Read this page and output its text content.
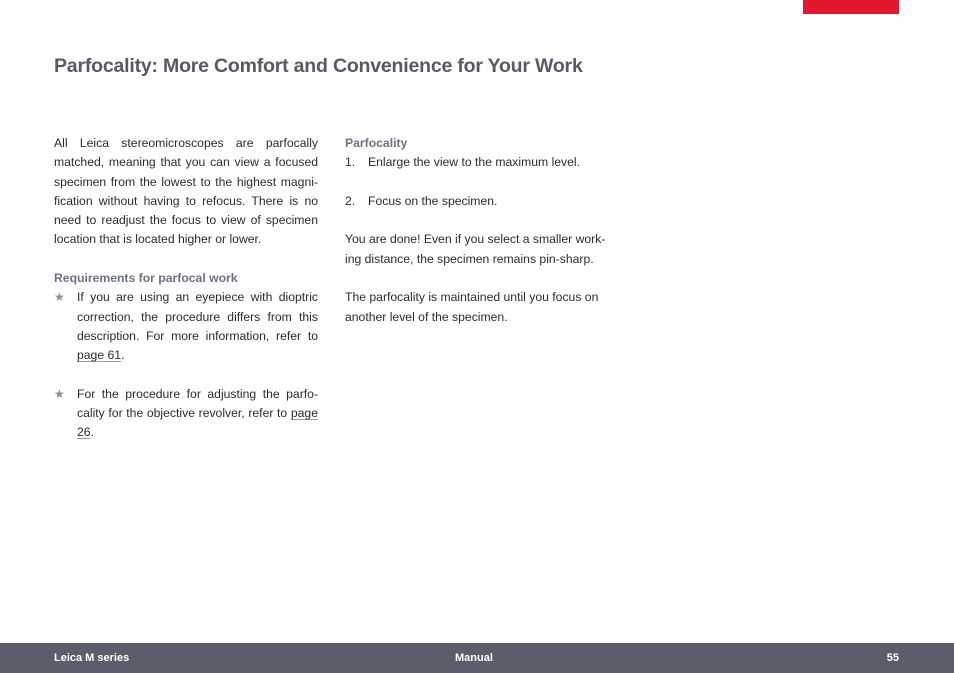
Parfocality: More Comfort and Convenience for Your Work

All Leica stereomicroscopes are parfocally matched, meaning that you can view a focused specimen from the lowest to the highest magnification without having to refocus. There is no need to readjust the focus to view of specimen location that is located higher or lower.

Requirements for parfocal work

★ If you are using an eyepiece with dioptric correction, the procedure differs from this description. For more information, refer to page 61.

★ For the procedure for adjusting the parfocality for the objective revolver, refer to page 26.

Parfocality

1. Enlarge the view to the maximum level.

2. Focus on the specimen.

You are done! Even if you select a smaller working distance, the specimen remains pin-sharp.

The parfocality is maintained until you focus on another level of the specimen.

Leica M series	Manual	55
